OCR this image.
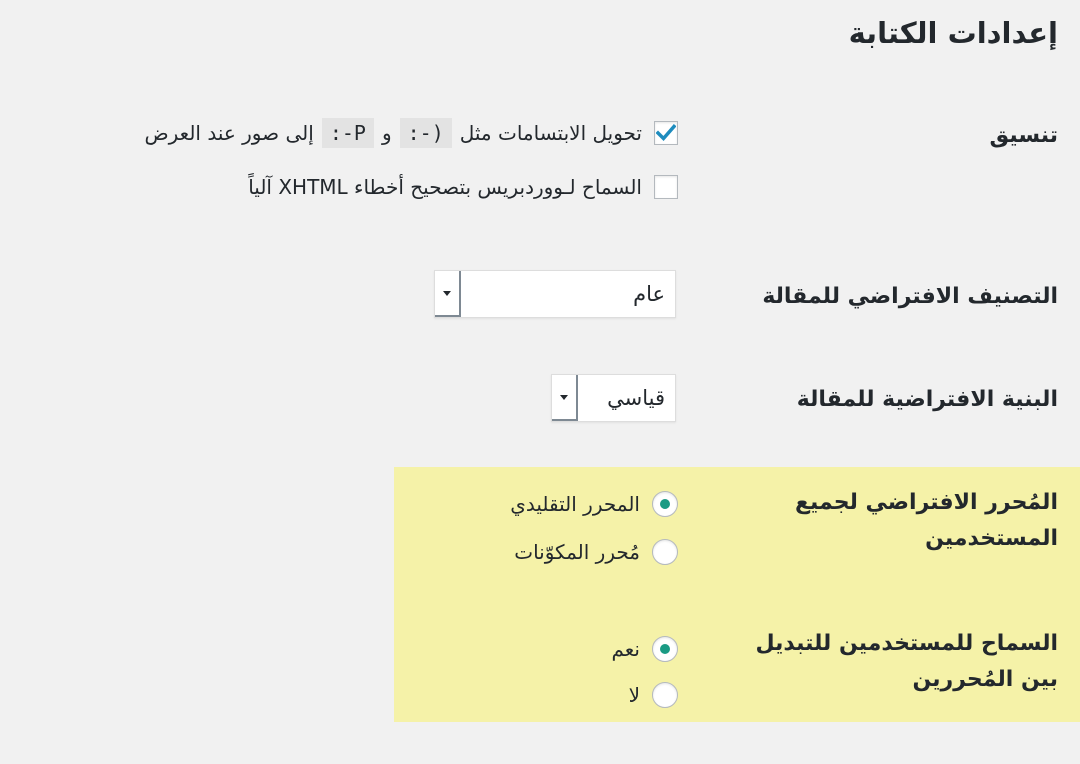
إعدادات الكتابة
تنسيق
تحويل الابتسامات مثل
:-)
و
:-P
إلى صور عند العرض
السماح لـووردبريس بتصحيح أخطاء XHTML آلياً
التصنيف الافتراضي للمقالة
عام
البنية الافتراضية للمقالة
قياسي
المُحرر الافتراضي لجميع
المستخدمين
المحرر التقليدي
مُحرر المكوّنات
السماح للمستخدمين للتبديل
بين المُحررين
نعم
لا
